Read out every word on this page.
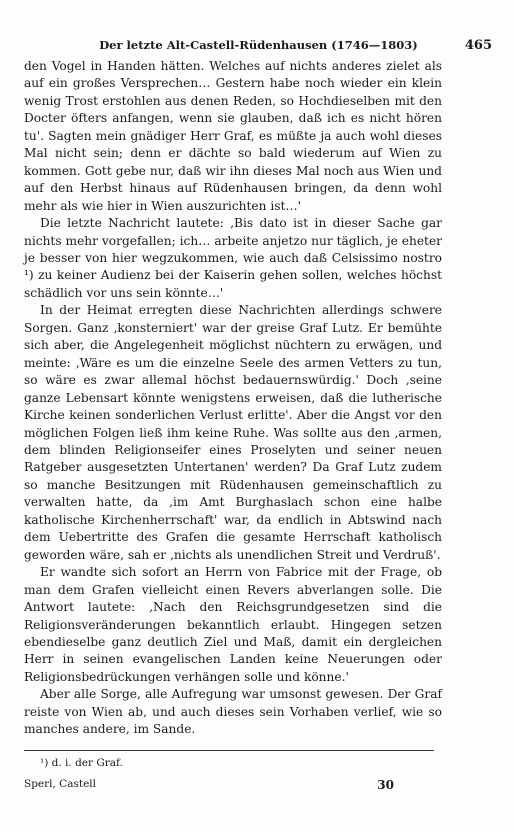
Der letzte Alt-Castell-Rüdenhausen (1746—1803)	465

den Vogel in Handen hätten. Welches auf nichts anderes zielet als auf ein großes Versprechen… Gestern habe noch wieder ein klein wenig Trost erstohlen aus denen Reden, so Hochdieselben mit den Docter öfters anfangen, wenn sie glauben, daß ich es nicht hören tu'. Sagten mein gnädiger Herr Graf, es müßte ja auch wohl dieses Mal nicht sein; denn er dächte so bald wiederum auf Wien zu kommen. Gott gebe nur, daß wir ihn dieses Mal noch aus Wien und auf den Herbst hinaus auf Rüdenhausen bringen, da denn wohl mehr als wie hier in Wien auszurichten ist…'

Die letzte Nachricht lautete: ‚Bis dato ist in dieser Sache gar nichts mehr vorgefallen; ich… arbeite anjetzo nur täglich, je eheter je besser von hier wegzukommen, wie auch daß Celsissimo nostro ¹) zu keiner Audienz bei der Kaiserin gehen sollen, welches höchst schädlich vor uns sein könnte…'

In der Heimat erregten diese Nachrichten allerdings schwere Sorgen. Ganz ‚konsterniert' war der greise Graf Lutz. Er bemühte sich aber, die Angelegenheit möglichst nüchtern zu erwägen, und meinte: ‚Wäre es um die einzelne Seele des armen Vetters zu tun, so wäre es zwar allemal höchst bedauernswürdig.' Doch ‚seine ganze Lebensart könnte wenigstens erweisen, daß die lutherische Kirche keinen sonderlichen Verlust erlitte'. Aber die Angst vor den möglichen Folgen ließ ihm keine Ruhe. Was sollte aus den ‚armen, dem blinden Religionseifer eines Proselyten und seiner neuen Ratgeber ausgesetzten Untertanen' werden? Da Graf Lutz zudem so manche Besitzungen mit Rüdenhausen gemeinschaftlich zu verwalten hatte, da ‚im Amt Burghaslach schon eine halbe katholische Kirchenherrschaft' war, da endlich in Abtswind nach dem Uebertritte des Grafen die gesamte Herrschaft katholisch geworden wäre, sah er ‚nichts als unendlichen Streit und Verdruß'.

Er wandte sich sofort an Herrn von Fabrice mit der Frage, ob man dem Grafen vielleicht einen Revers abverlangen solle. Die Antwort lautete: ‚Nach den Reichsgrundgesetzen sind die Religionsveränderungen bekanntlich erlaubt. Hingegen setzen ebendieselbe ganz deutlich Ziel und Maß, damit ein dergleichen Herr in seinen evangelischen Landen keine Neuerungen oder Religionsbedrückungen verhängen solle und könne.'

Aber alle Sorge, alle Aufregung war umsonst gewesen. Der Graf reiste von Wien ab, und auch dieses sein Vorhaben verlief, wie so manches andere, im Sande.

¹) d. i. der Graf.
Sperl, Castell	30
